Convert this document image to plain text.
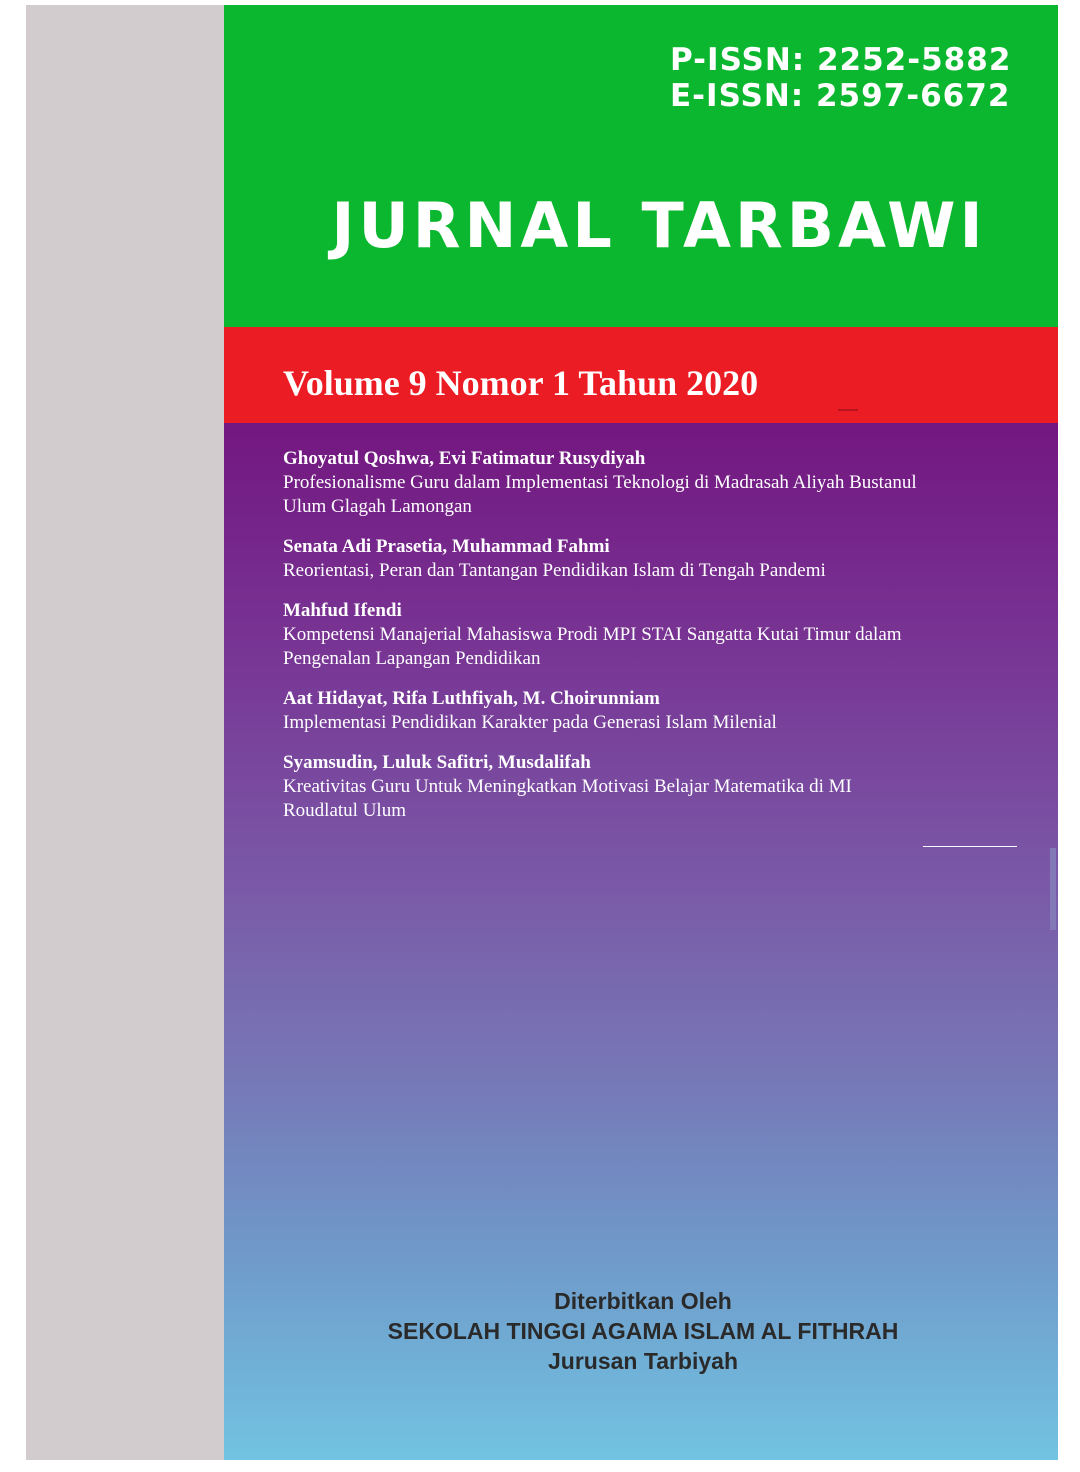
P-ISSN: 2252-5882
E-ISSN: 2597-6672
JURNAL TARBAWI
Volume 9 Nomor 1 Tahun 2020
Ghoyatul Qoshwa, Evi Fatimatur Rusydiyah
Profesionalisme Guru dalam Implementasi Teknologi di Madrasah Aliyah Bustanul Ulum Glagah Lamongan
Senata Adi Prasetia, Muhammad Fahmi
Reorientasi, Peran dan Tantangan Pendidikan Islam di Tengah Pandemi
Mahfud Ifendi
Kompetensi Manajerial Mahasiswa Prodi MPI STAI Sangatta Kutai Timur dalam Pengenalan Lapangan Pendidikan
Aat Hidayat, Rifa Luthfiyah, M. Choirunniam
Implementasi Pendidikan Karakter pada Generasi Islam Milenial
Syamsudin, Luluk Safitri, Musdalifah
Kreativitas Guru Untuk Meningkatkan Motivasi Belajar Matematika di MI Roudlatul Ulum
Diterbitkan Oleh
SEKOLAH TINGGI AGAMA ISLAM AL FITHRAH
Jurusan Tarbiyah
